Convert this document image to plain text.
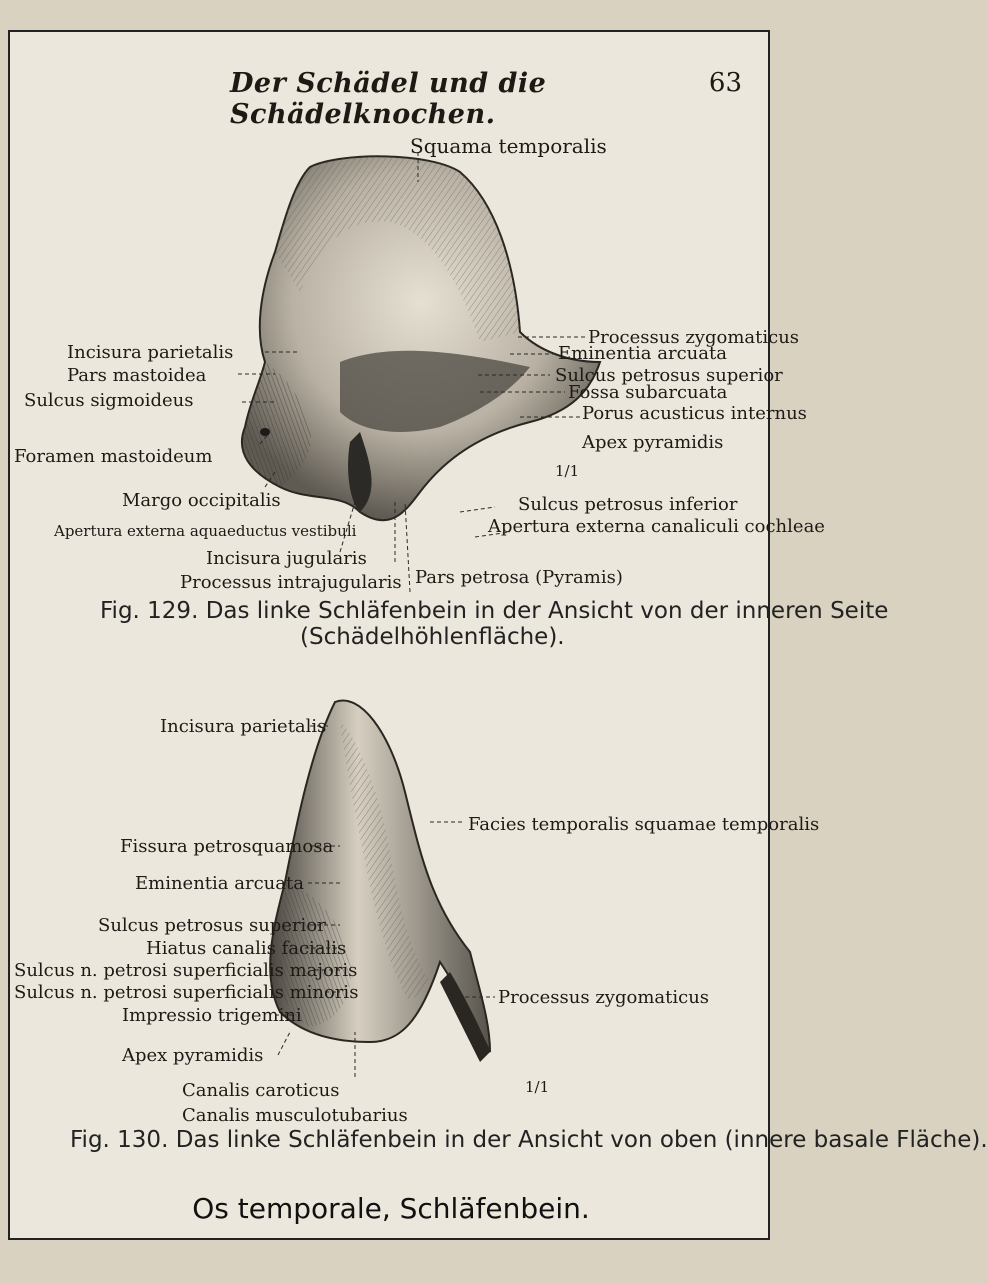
Der Schädel und die Schädelknochen.
63
Squama temporalis
Processus zygomaticus
Incisura parietalis	Eminentia arcuata
Pars mastoidea	Sulcus petrosus superior
Sulcus sigmoideus	Fossa subarcuata
Porus acusticus internus
Apex pyramidis
Foramen mastoideum
1/1
Margo occipitalis	Sulcus petrosus inferior
Apertura externa aquaeductus vestibuli	Apertura externa canaliculi cochleae
Incisura jugularis
Processus intrajugularis Pars petrosa (Pyramis)
Fig. 129. Das linke Schläfenbein in der Ansicht von der inneren Seite
(Schädelhöhlenfläche).
Incisura parietalis
Facies temporalis squamae temporalis
Fissura petrosquamosa
Eminentia arcuata
Sulcus petrosus superior
Hiatus canalis facialis
Sulcus n. petrosi superficialis majoris
Sulcus n. petrosi superficialis minoris	Processus zygomaticus
Impressio trigemini
Apex pyramidis
1/1
Canalis caroticus
Canalis musculotubarius
Fig. 130. Das linke Schläfenbein in der Ansicht von oben (innere basale Fläche).
Os temporale, Schläfenbein.
